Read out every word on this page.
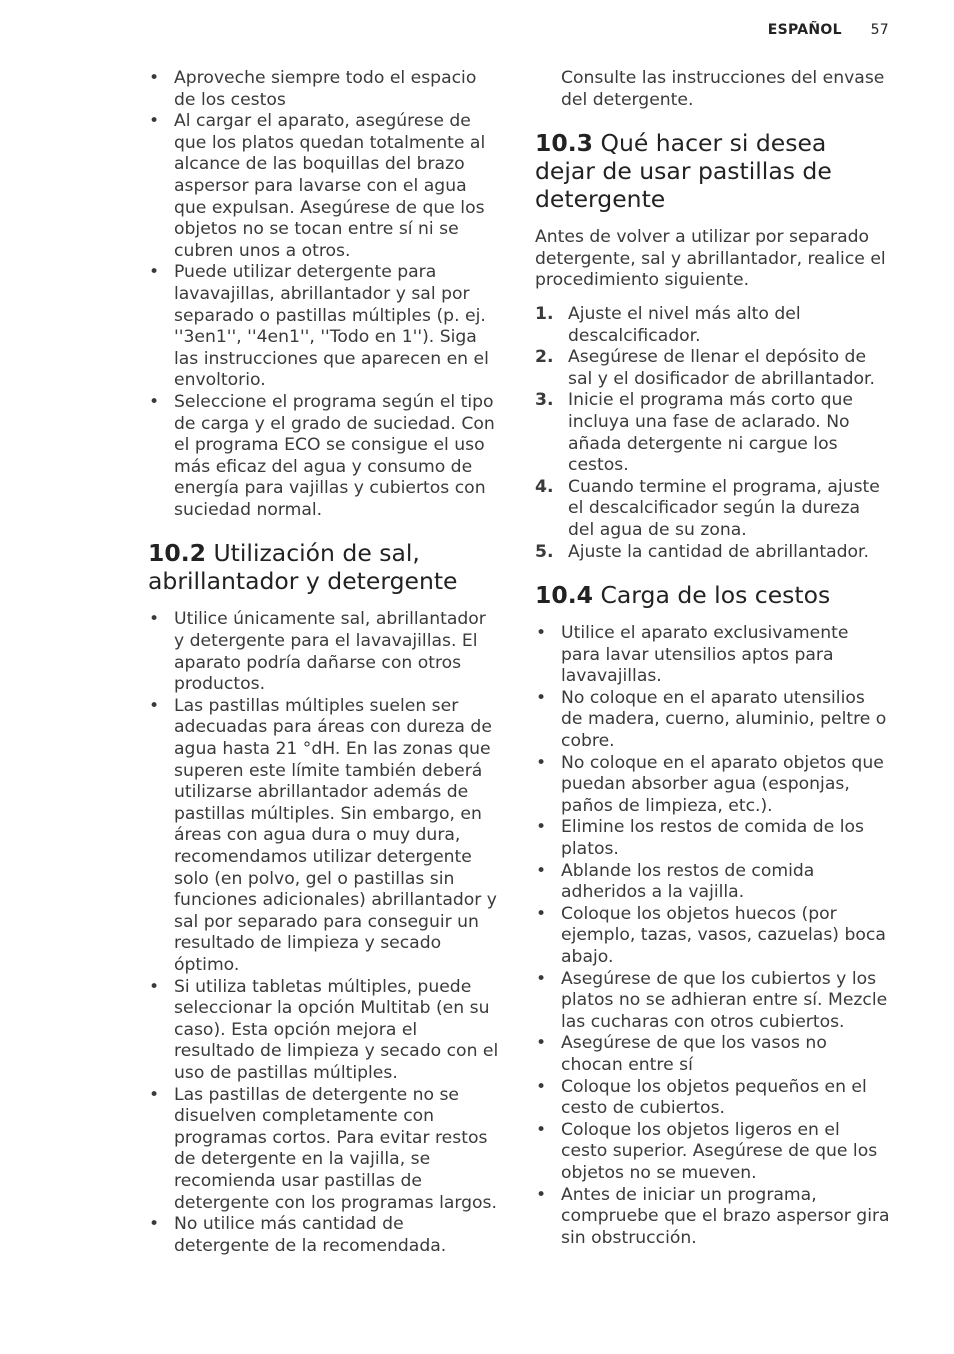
ESPAÑOL 57
• Aproveche siempre todo el espacio de los cestos
• Al cargar el aparato, asegúrese de que los platos quedan totalmente al alcance de las boquillas del brazo aspersor para lavarse con el agua que expulsan. Asegúrese de que los objetos no se tocan entre sí ni se cubren unos a otros.
• Puede utilizar detergente para lavavajillas, abrillantador y sal por separado o pastillas múltiples (p. ej. ''3en1'', ''4en1'', ''Todo en 1''). Siga las instrucciones que aparecen en el envoltorio.
• Seleccione el programa según el tipo de carga y el grado de suciedad. Con el programa ECO se consigue el uso más eficaz del agua y consumo de energía para vajillas y cubiertos con suciedad normal.
10.2 Utilización de sal, abrillantador y detergente
• Utilice únicamente sal, abrillantador y detergente para el lavavajillas. El aparato podría dañarse con otros productos.
• Las pastillas múltiples suelen ser adecuadas para áreas con dureza de agua hasta 21 °dH. En las zonas que superen este límite también deberá utilizarse abrillantador además de pastillas múltiples. Sin embargo, en áreas con agua dura o muy dura, recomendamos utilizar detergente solo (en polvo, gel o pastillas sin funciones adicionales) abrillantador y sal por separado para conseguir un resultado de limpieza y secado óptimo.
• Si utiliza tabletas múltiples, puede seleccionar la opción Multitab (en su caso). Esta opción mejora el resultado de limpieza y secado con el uso de pastillas múltiples.
• Las pastillas de detergente no se disuelven completamente con programas cortos. Para evitar restos de detergente en la vajilla, se recomienda usar pastillas de detergente con los programas largos.
• No utilice más cantidad de detergente de la recomendada.

Consulte las instrucciones del envase del detergente.

10.3 Qué hacer si desea dejar de usar pastillas de detergente

Antes de volver a utilizar por separado detergente, sal y abrillantador, realice el procedimiento siguiente.

1. Ajuste el nivel más alto del descalcificador.
2. Asegúrese de llenar el depósito de sal y el dosificador de abrillantador.
3. Inicie el programa más corto que incluya una fase de aclarado. No añada detergente ni cargue los cestos.
4. Cuando termine el programa, ajuste el descalcificador según la dureza del agua de su zona.
5. Ajuste la cantidad de abrillantador.
10.4 Carga de los cestos
• Utilice el aparato exclusivamente para lavar utensilios aptos para lavavajillas.
• No coloque en el aparato utensilios de madera, cuerno, aluminio, peltre o cobre.
• No coloque en el aparato objetos que puedan absorber agua (esponjas, paños de limpieza, etc.).
• Elimine los restos de comida de los platos.
• Ablande los restos de comida adheridos a la vajilla.
• Coloque los objetos huecos (por ejemplo, tazas, vasos, cazuelas) boca abajo.
• Asegúrese de que los cubiertos y los platos no se adhieran entre sí. Mezcle las cucharas con otros cubiertos.
• Asegúrese de que los vasos no chocan entre sí
• Coloque los objetos pequeños en el cesto de cubiertos.
• Coloque los objetos ligeros en el cesto superior. Asegúrese de que los objetos no se mueven.
• Antes de iniciar un programa, compruebe que el brazo aspersor gira sin obstrucción.
